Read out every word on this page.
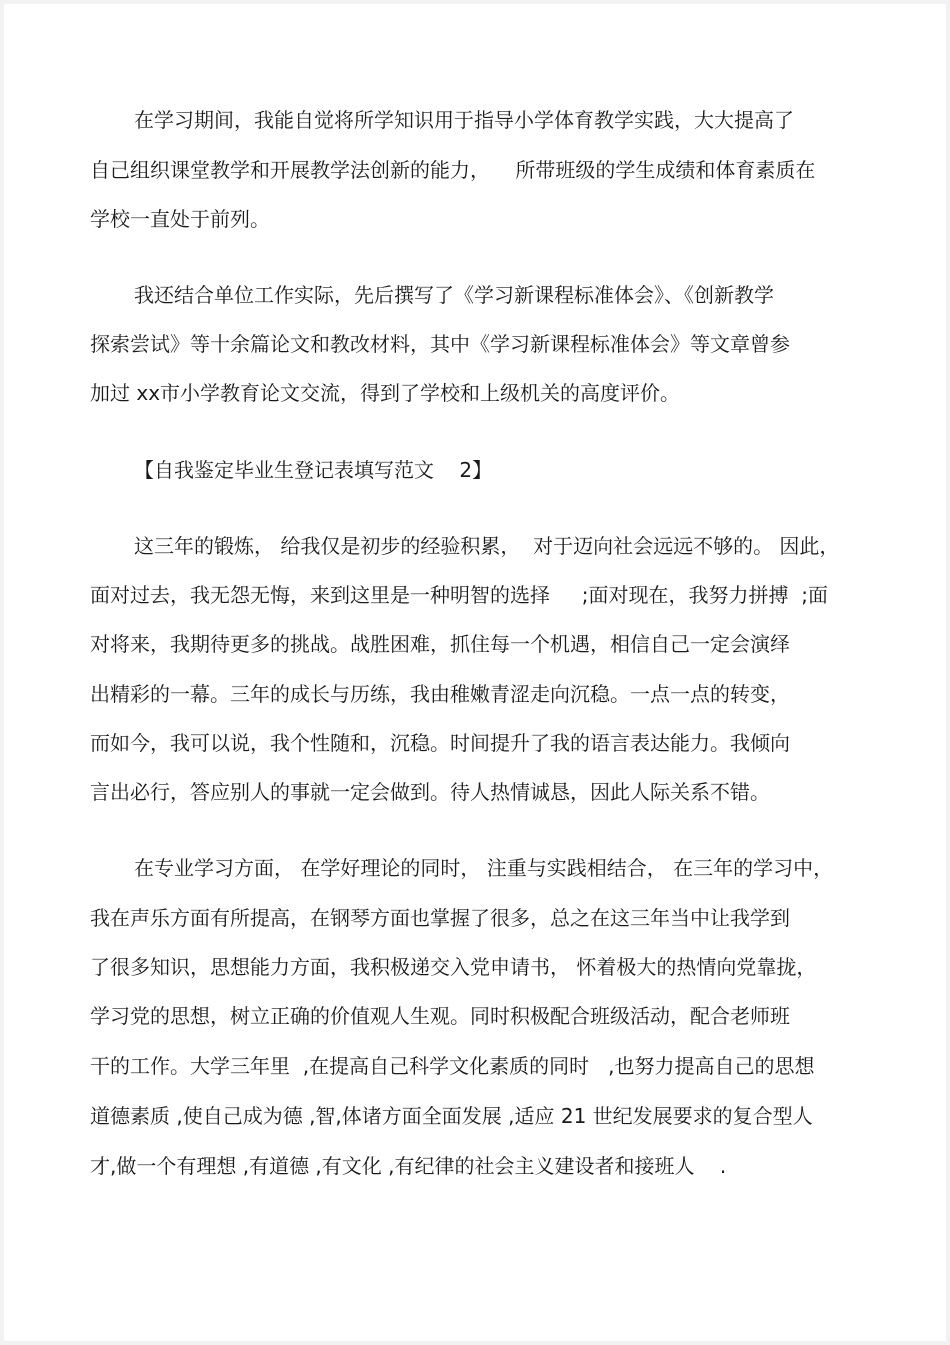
在学习期间，我能自觉将所学知识用于指导小学体育教学实践，大大提高了
自己组织课堂教学和开展教学法创新的能力，    所带班级的学生成绩和体育素质在
学校一直处于前列。
我还结合单位工作实际，先后撰写了《学习新课程标准体会》、《创新教学
探索尝试》等十余篇论文和教改材料，其中《学习新课程标准体会》等文章曾参
加过 xx市小学教育论文交流，得到了学校和上级机关的高度评价。
【自我鉴定毕业生登记表填写范文    2】
这三年的锻炼， 给我仅是初步的经验积累，  对于迈向社会远远不够的。 因此，
面对过去，我无怨无悔，来到这里是一种明智的选择     ;面对现在，我努力拼搏  ;面
对将来，我期待更多的挑战。战胜困难，抓住每一个机遇，相信自己一定会演绎
出精彩的一幕。三年的成长与历练，我由稚嫩青涩走向沉稳。一点一点的转变，
而如今，我可以说，我个性随和，沉稳。时间提升了我的语言表达能力。我倾向
言出必行，答应别人的事就一定会做到。待人热情诚恳，因此人际关系不错。
在专业学习方面， 在学好理论的同时， 注重与实践相结合， 在三年的学习中，
我在声乐方面有所提高，在钢琴方面也掌握了很多，总之在这三年当中让我学到
了很多知识，思想能力方面，我积极递交入党申请书， 怀着极大的热情向党靠拢，
学习党的思想，树立正确的价值观人生观。同时积极配合班级活动，配合老师班
干的工作。大学三年里  ,在提高自己科学文化素质的同时   ,也努力提高自己的思想
道德素质 ,使自己成为德 ,智,体诸方面全面发展 ,适应 21 世纪发展要求的复合型人
才,做一个有理想 ,有道德 ,有文化 ,有纪律的社会主义建设者和接班人    .
